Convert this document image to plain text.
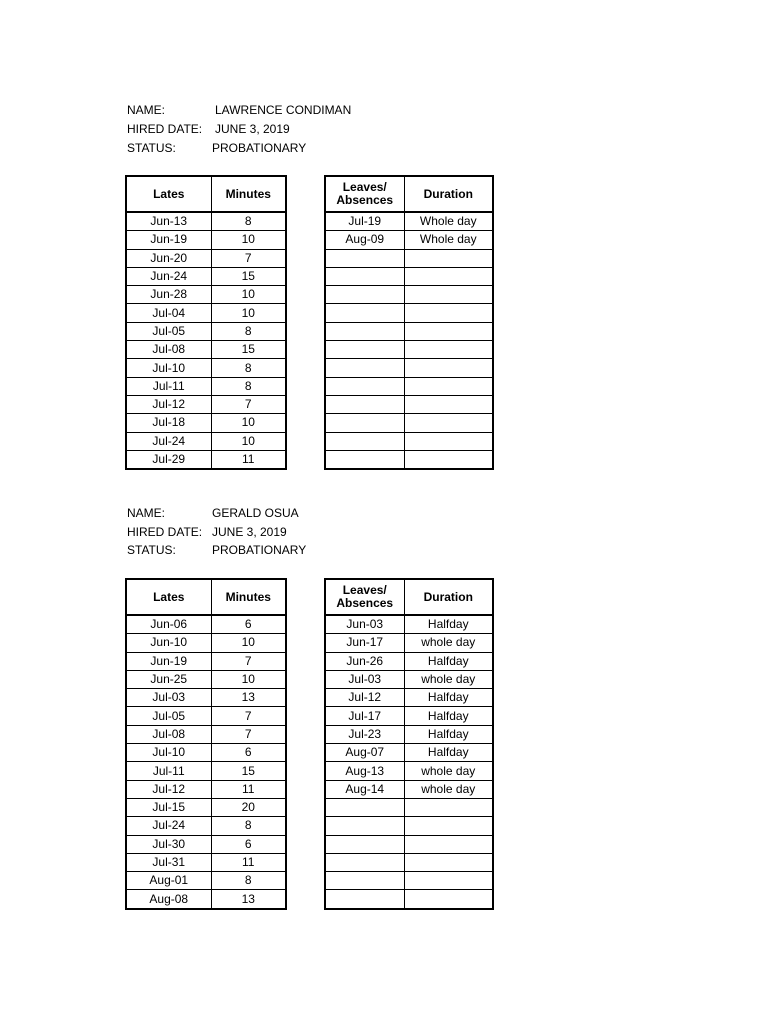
NAME:	LAWRENCE CONDIMAN
HIRED DATE: JUNE 3, 2019
STATUS:	PROBATIONARY
Lates	Minutes
Jun-13	8
Jun-19	10
Jun-20	7
Jun-24	15
Jun-28	10
Jul-04	10
Jul-05	8
Jul-08	15
Jul-10	8
Jul-11	8
Jul-12	7
Jul-18	10
Jul-24	10
Jul-29	11
Leaves/
Absences	Duration
Jul-19	Whole day
Aug-09	Whole day

NAME:	GERALD OSUA
HIRED DATE: JUNE 3, 2019
STATUS:	PROBATIONARY
Lates	Minutes
Jun-06	6
Jun-10	10
Jun-19	7
Jun-25	10
Jul-03	13
Jul-05	7
Jul-08	7
Jul-10	6
Jul-11	15
Jul-12	11
Jul-15	20
Jul-24	8
Jul-30	6
Jul-31	11
Aug-01	8
Aug-08	13
Leaves/
Absences	Duration
Jun-03	Halfday
Jun-17	whole day
Jun-26	Halfday
Jul-03	whole day
Jul-12	Halfday
Jul-17	Halfday
Jul-23	Halfday
Aug-07	Halfday
Aug-13	whole day
Aug-14	whole day
